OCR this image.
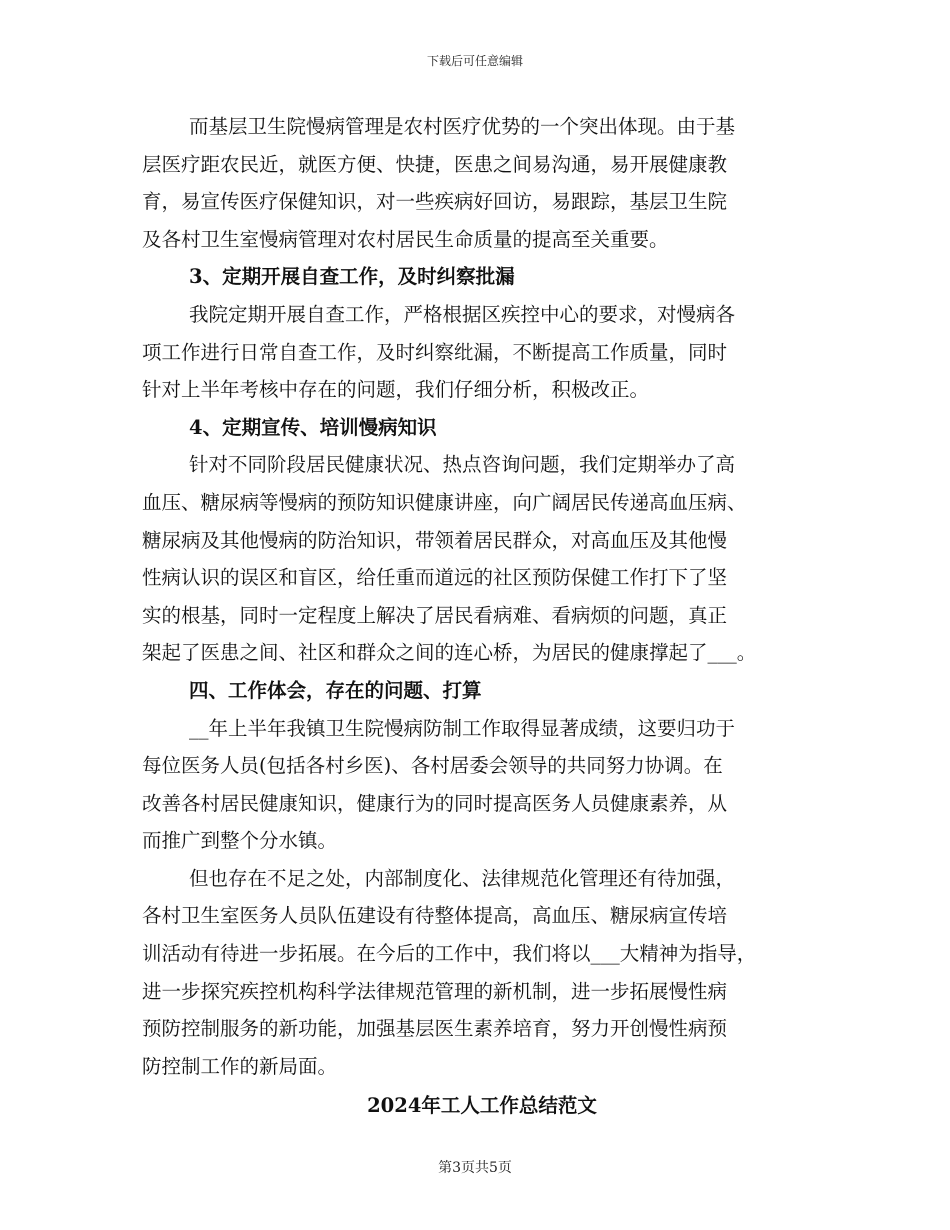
下载后可任意编辑
而基层卫生院慢病管理是农村医疗优势的一个突出体现。由于基
层医疗距农民近，就医方便、快捷，医患之间易沟通，易开展健康教
育，易宣传医疗保健知识，对一些疾病好回访，易跟踪，基层卫生院
及各村卫生室慢病管理对农村居民生命质量的提高至关重要。
3、定期开展自查工作，及时纠察批漏
我院定期开展自查工作，严格根据区疾控中心的要求，对慢病各
项工作进行日常自查工作，及时纠察纰漏，不断提高工作质量，同时
针对上半年考核中存在的问题，我们仔细分析，积极改正。
4、定期宣传、培训慢病知识
针对不同阶段居民健康状况、热点咨询问题，我们定期举办了高
血压、糖尿病等慢病的预防知识健康讲座，向广阔居民传递高血压病、
糖尿病及其他慢病的防治知识，带领着居民群众，对高血压及其他慢
性病认识的误区和盲区，给任重而道远的社区预防保健工作打下了坚
实的根基，同时一定程度上解决了居民看病难、看病烦的问题，真正
架起了医患之间、社区和群众之间的连心桥，为居民的健康撑起了___。
四、工作体会，存在的问题、打算
__年上半年我镇卫生院慢病防制工作取得显著成绩，这要归功于
每位医务人员(包括各村乡医)、各村居委会领导的共同努力协调。在
改善各村居民健康知识，健康行为的同时提高医务人员健康素养，从
而推广到整个分水镇。
但也存在不足之处，内部制度化、法律规范化管理还有待加强，
各村卫生室医务人员队伍建设有待整体提高，高血压、糖尿病宣传培
训活动有待进一步拓展。在今后的工作中，我们将以___大精神为指导，
进一步探究疾控机构科学法律规范管理的新机制，进一步拓展慢性病
预防控制服务的新功能，加强基层医生素养培育，努力开创慢性病预
防控制工作的新局面。
2024年工人工作总结范文
第3页共5页
